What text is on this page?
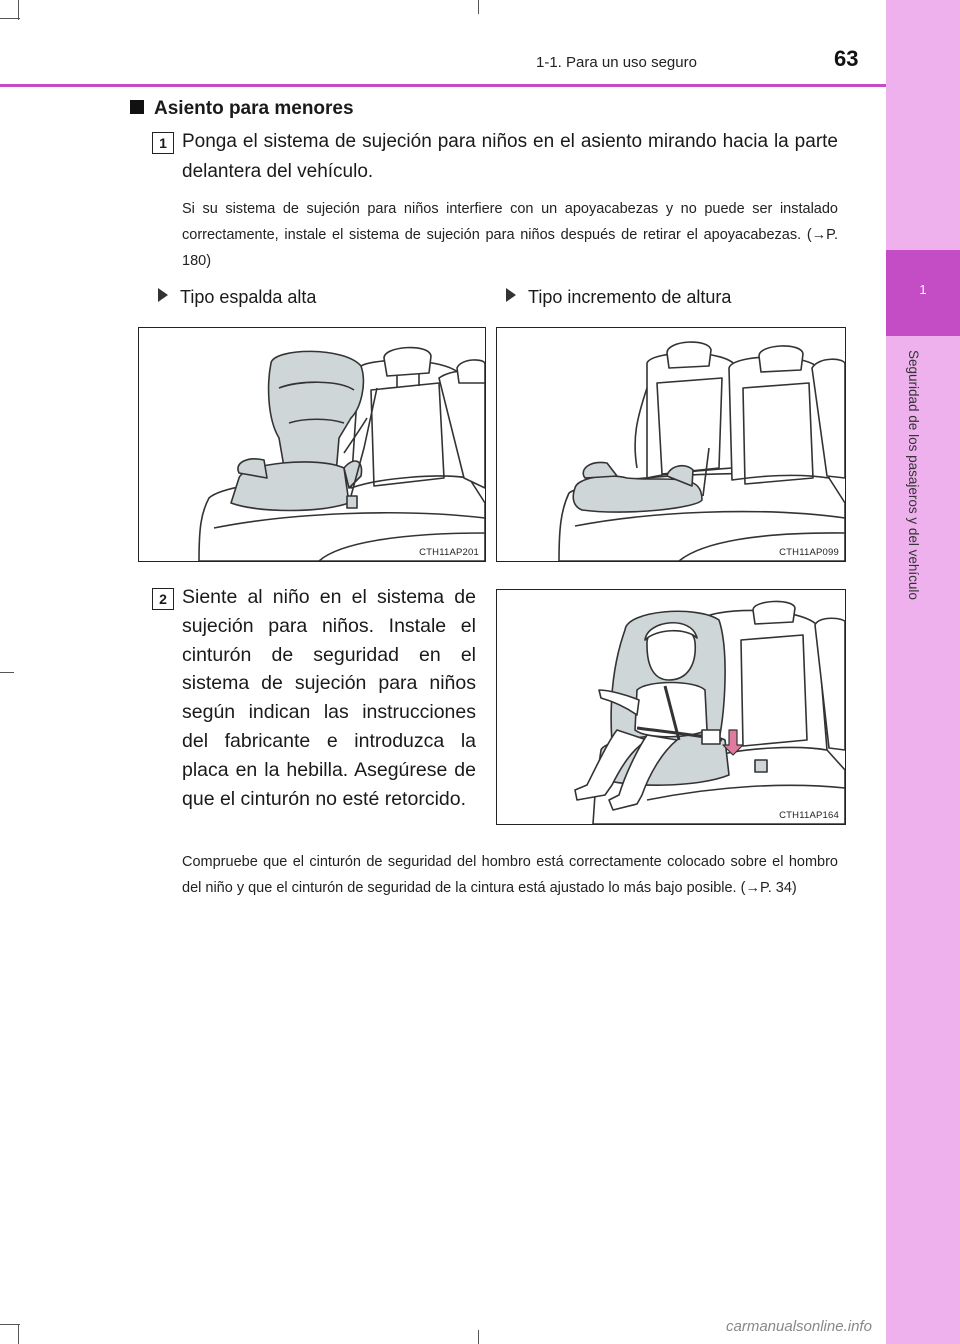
1-1. Para un uso seguro	63
1
Seguridad de los pasajeros y del vehículo
Asiento para menores
1 Ponga el sistema de sujeción para niños en el asiento mirando hacia la parte delantera del vehículo.
Si su sistema de sujeción para niños interfiere con un apoyacabezas y no puede ser instalado correctamente, instale el sistema de sujeción para niños después de retirar el apoyacabezas. (→P. 180)
Tipo espalda alta	Tipo incremento de altura
CTH11AP201	CTH11AP099
2 Siente al niño en el sistema de sujeción para niños. Instale el cinturón de seguridad en el sistema de sujeción para niños según indican las instrucciones del fabricante e introduzca la placa en la hebilla. Asegúrese de que el cinturón no esté retorcido.
CTH11AP164
Compruebe que el cinturón de seguridad del hombro está correctamente colocado sobre el hombro del niño y que el cinturón de seguridad de la cintura está ajustado lo más bajo posible. (→P. 34)
carmanualsonline.info
